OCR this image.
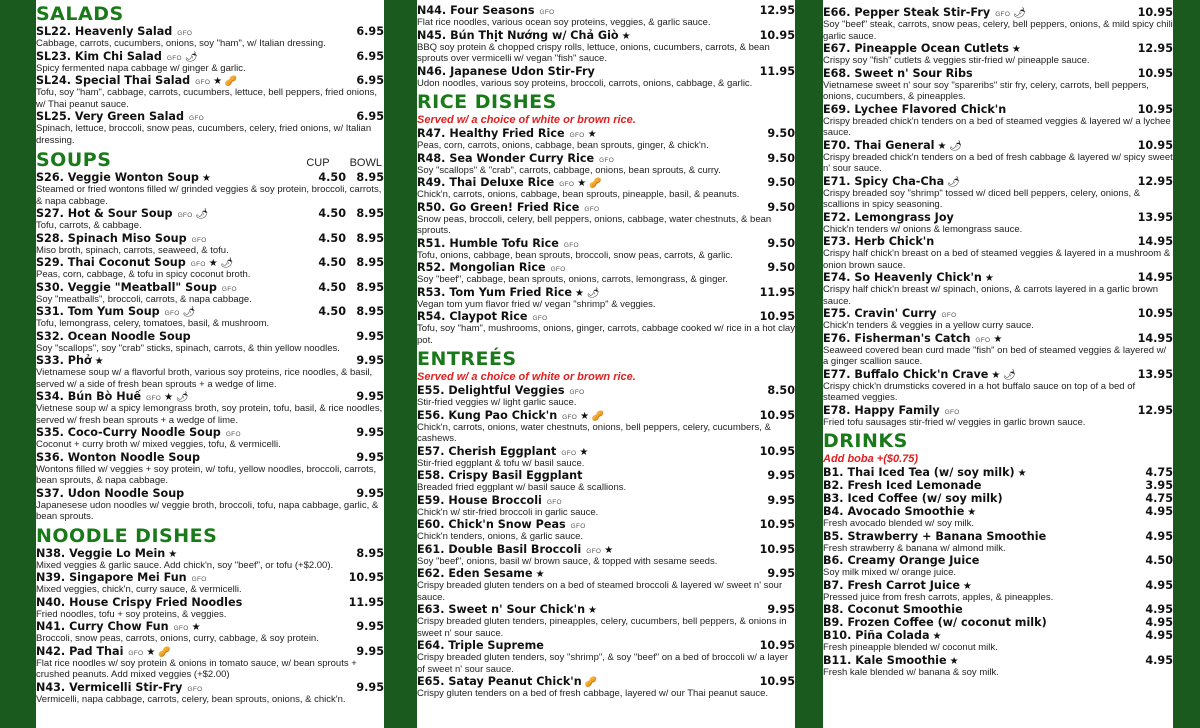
SALADS
SL22. Heavenly Salad GFO	6.95
Cabbage, carrots, cucumbers, onions, soy "ham", w/ Italian dressing.
SL23. Kim Chi Salad GFO 🌶	6.95
Spicy fermented napa cabbage w/ ginger & garlic.
SL24. Special Thai Salad GFO ★ 🥜	6.95
Tofu, soy "ham", cabbage, carrots, cucumbers, lettuce, bell peppers, fried onions, w/ Thai peanut sauce.
SL25. Very Green Salad GFO	6.95
Spinach, lettuce, broccoli, snow peas, cucumbers, celery, fried onions, w/ Italian dressing.
SOUPS	CUP BOWL
S26. Veggie Wonton Soup ★	4.50 8.95
Steamed or fried wontons filled w/ grinded veggies & soy protein, broccoli, carrots, & napa cabbage.
S27. Hot & Sour Soup GFO 🌶	4.50 8.95
Tofu, carrots, & cabbage.
S28. Spinach Miso Soup GFO	4.50 8.95
Miso broth, spinach, carrots, seaweed, & tofu.
S29. Thai Coconut Soup GFO ★ 🌶	4.50 8.95
Peas, corn, cabbage, & tofu in spicy coconut broth.
S30. Veggie "Meatball" Soup GFO	4.50 8.95
Soy "meatballs", broccoli, carrots, & napa cabbage.
S31. Tom Yum Soup GFO 🌶	4.50 8.95
Tofu, lemongrass, celery, tomatoes, basil, & mushroom.
S32. Ocean Noodle Soup	9.95
Soy "scallops", soy "crab" sticks, spinach, carrots, & thin yellow noodles.
S33. Phở ★	9.95
Vietnamese soup w/ a flavorful broth, various soy proteins, rice noodles, & basil, served w/ a side of fresh bean sprouts + a wedge of lime.
S34. Bún Bò Huế GFO ★ 🌶	9.95
Vietnese soup w/ a spicy lemongrass broth, soy protein, tofu, basil, & rice noodles, served w/ fresh bean sprouts + a wedge of lime.
S35. Coco-Curry Noodle Soup GFO	9.95
Coconut + curry broth w/ mixed veggies, tofu, & vermicelli.
S36. Wonton Noodle Soup	9.95
Wontons filled w/ veggies + soy protein, w/ tofu, yellow noodles, broccoli, carrots, bean sprouts, & napa cabbage.
S37. Udon Noodle Soup	9.95
Japanesese udon noodles w/ veggie broth, broccoli, tofu, napa cabbage, garlic, & bean sprouts.
NOODLE DISHES
N38. Veggie Lo Mein ★	8.95
Mixed veggies & garlic sauce. Add chick'n, soy "beef", or tofu (+$2.00).
N39. Singapore Mei Fun GFO	10.95
Mixed veggies, chick'n, curry sauce, & vermicelli.
N40. House Crispy Fried Noodles	11.95
Fried noodles, tofu + soy proteins, & veggies.
N41. Curry Chow Fun GFO ★	9.95
Broccoli, snow peas, carrots, onions, curry, cabbage, & soy protein.
N42. Pad Thai GFO ★ 🥜	9.95
Flat rice noodles w/ soy protein & onions in tomato sauce, w/ bean sprouts + crushed peanuts. Add mixed veggies (+$2.00)
N43. Vermicelli Stir-Fry GFO	9.95
Vermicelli, napa cabbage, carrots, celery, bean sprouts, onions, & chick'n.
N44. Four Seasons GFO	12.95
Flat rice noodles, various ocean soy proteins, veggies, & garlic sauce.
N45. Bún Thịt Nướng w/ Chả Giò ★	10.95
BBQ soy protein & chopped crispy rolls, lettuce, onions, cucumbers, carrots, & bean sprouts over vermicelli w/ vegan "fish" sauce.
N46. Japanese Udon Stir-Fry	11.95
Udon noodles, various soy proteins, broccoli, carrots, onions, cabbage, & garlic.
RICE DISHES
Served w/ a choice of white or brown rice.
R47. Healthy Fried Rice GFO ★	9.50
Peas, corn, carrots, onions, cabbage, bean sprouts, ginger, & chick'n.
R48. Sea Wonder Curry Rice GFO	9.50
Soy "scallops" & "crab", carrots, cabbage, onions, bean sprouts, & curry.
R49. Thai Deluxe Rice GFO ★ 🥜	9.50
Chick'n, carrots, onions, cabbage, bean sprouts, pineapple, basil, & peanuts.
R50. Go Green! Fried Rice GFO	9.50
Snow peas, broccoli, celery, bell peppers, onions, cabbage, water chestnuts, & bean sprouts.
R51. Humble Tofu Rice GFO	9.50
Tofu, onions, cabbage, bean sprouts, broccoli, snow peas, carrots, & garlic.
R52. Mongolian Rice GFO	9.50
Soy "beef", cabbage, bean sprouts, onions, carrots, lemongrass, & ginger.
R53. Tom Yum Fried Rice ★ 🌶	11.95
Vegan tom yum flavor fried w/ vegan "shrimp" & veggies.
R54. Claypot Rice GFO	10.95
Tofu, soy "ham", mushrooms, onions, ginger, carrots, cabbage cooked w/ rice in a hot clay pot.
ENTREÉS
Served w/ a choice of white or brown rice.
E55. Delightful Veggies GFO	8.50
Stir-fried veggies w/ light garlic sauce.
E56. Kung Pao Chick'n GFO ★ 🥜	10.95
Chick'n, carrots, onions, water chestnuts, onions, bell peppers, celery, cucumbers, & cashews.
E57. Cherish Eggplant GFO ★	10.95
Stir-fried eggplant & tofu w/ basil sauce.
E58. Crispy Basil Eggplant	9.95
Breaded fried eggplant w/ basil sauce & scallions.
E59. House Broccoli GFO	9.95
Chick'n w/ stir-fried broccoli in garlic sauce.
E60. Chick'n Snow Peas GFO	10.95
Chick'n tenders, onions, & garlic sauce.
E61. Double Basil Broccoli GFO ★	10.95
Soy "beef", onions, basil w/ brown sauce, & topped with sesame seeds.
E62. Eden Sesame ★	9.95
Crispy breaded gluten tenders on a bed of steamed broccoli & layered w/ sweet n' sour sauce.
E63. Sweet n' Sour Chick'n ★	9.95
Crispy breaded gluten tenders, pineapples, celery, cucumbers, bell peppers, & onions in sweet n' sour sauce.
E64. Triple Supreme	10.95
Crispy breaded gluten tenders, soy "shrimp", & soy "beef" on a bed of broccoli w/ a layer of sweet n' sour sauce.
E65. Satay Peanut Chick'n 🥜	10.95
Crispy gluten tenders on a bed of fresh cabbage, layered w/ our Thai peanut sauce.
E66. Pepper Steak Stir-Fry GFO 🌶	10.95
Soy "beef" steak, carrots, snow peas, celery, bell peppers, onions, & mild spicy chili garlic sauce.
E67. Pineapple Ocean Cutlets ★	12.95
Crispy soy "fish" cutlets & veggies stir-fried w/ pineapple sauce.
E68. Sweet n' Sour Ribs	10.95
Vietnamese sweet n' sour soy "spareribs" stir fry, celery, carrots, bell peppers, onions, cucumbers, & pineapples.
E69. Lychee Flavored Chick'n	10.95
Crispy breaded chick'n tenders on a bed of steamed veggies & layered w/ a lychee sauce.
E70. Thai General ★ 🌶	10.95
Crispy breaded chick'n tenders on a bed of fresh cabbage & layered w/ spicy sweet n' sour sauce.
E71. Spicy Cha-Cha 🌶	12.95
Crispy breaded soy "shrimp" tossed w/ diced bell peppers, celery, onions, & scallions in spicy seasoning.
E72. Lemongrass Joy	13.95
Chick'n tenders w/ onions & lemongrass sauce.
E73. Herb Chick'n	14.95
Crispy half chick'n breast on a bed of steamed veggies & layered in a mushroom & onion brown sauce.
E74. So Heavenly Chick'n ★	14.95
Crispy half chick'n breast w/ spinach, onions, & carrots layered in a garlic brown sauce.
E75. Cravin' Curry GFO	10.95
Chick'n tenders & veggies in a yellow curry sauce.
E76. Fisherman's Catch GFO ★	14.95
Seaweed covered bean curd made "fish" on bed of steamed veggies & layered w/ a ginger scallion sauce.
E77. Buffalo Chick'n Crave ★ 🌶	13.95
Crispy chick'n drumsticks covered in a hot buffalo sauce on top of a bed of steamed veggies.
E78. Happy Family GFO	12.95
Fried tofu sausages stir-fried w/ veggies in garlic brown sauce.
DRINKS
Add boba +($0.75)
B1. Thai Iced Tea (w/ soy milk) ★	4.75
B2. Fresh Iced Lemonade	3.95
B3. Iced Coffee (w/ soy milk)	4.75
B4. Avocado Smoothie ★	4.95
Fresh avocado blended w/ soy milk.
B5. Strawberry + Banana Smoothie	4.95
Fresh strawberry & banana w/ almond milk.
B6. Creamy Orange Juice	4.50
Soy milk mixed w/ orange juice.
B7. Fresh Carrot Juice ★	4.95
Pressed juice from fresh carrots, apples, & pineapples.
B8. Coconut Smoothie	4.95
B9. Frozen Coffee (w/ coconut milk)	4.95
B10. Piña Colada ★	4.95
Fresh pineapple blended w/ coconut milk.
B11. Kale Smoothie ★	4.95
Fresh kale blended w/ banana & soy milk.
